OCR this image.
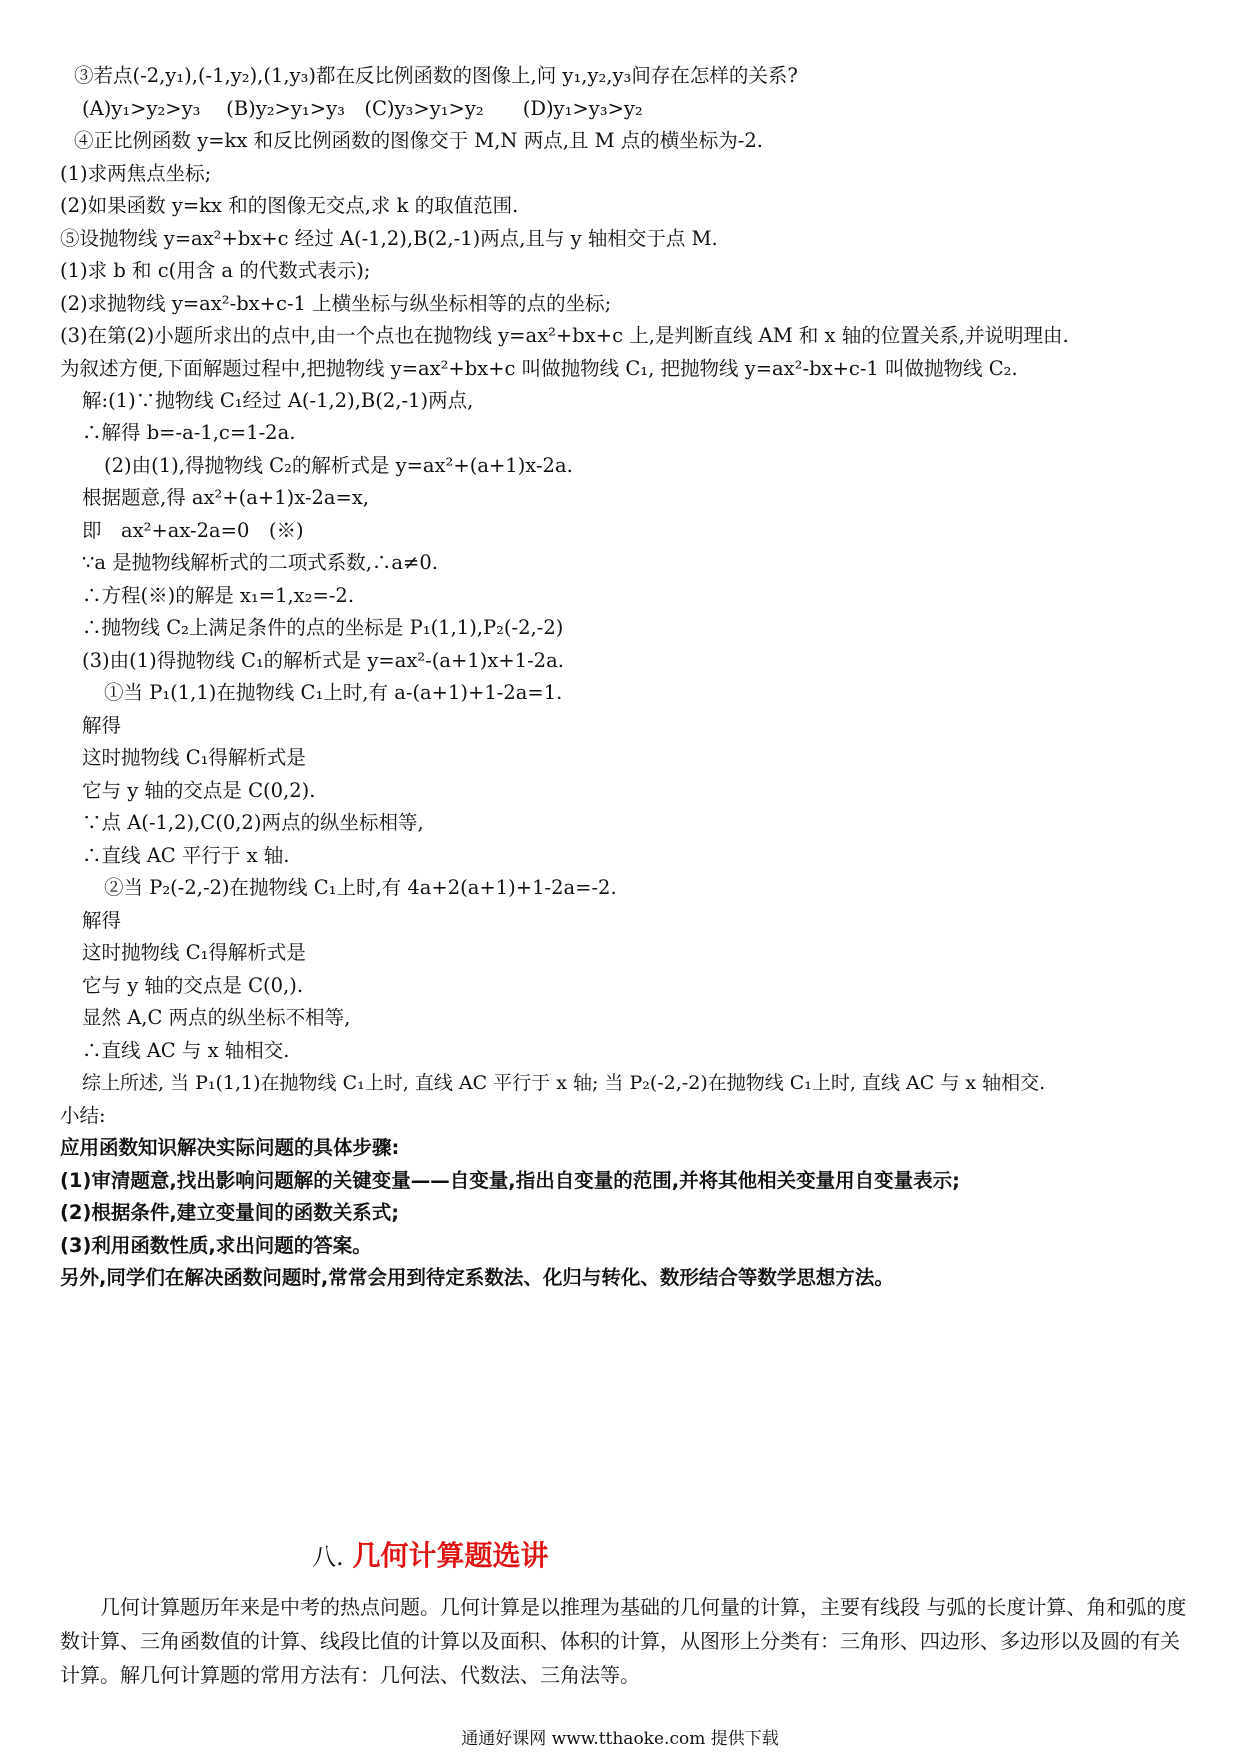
③若点(-2,y₁),(-1,y₂),(1,y₃)都在反比例函数的图像上,问 y₁,y₂,y₃间存在怎样的关系?
(A)y₁>y₂>y₃　 (B)y₂>y₁>y₃　(C)y₃>y₁>y₂　　(D)y₁>y₃>y₂
④正比例函数 y=kx 和反比例函数的图像交于 M,N 两点,且 M 点的横坐标为-2.
(1)求两焦点坐标;
(2)如果函数 y=kx 和的图像无交点,求 k 的取值范围.
⑤设抛物线 y=ax²+bx+c 经过 A(-1,2),B(2,-1)两点,且与 y 轴相交于点 M.
(1)求 b 和 c(用含 a 的代数式表示);
(2)求抛物线 y=ax²-bx+c-1 上横坐标与纵坐标相等的点的坐标;
(3)在第(2)小题所求出的点中,由一个点也在抛物线 y=ax²+bx+c 上,是判断直线 AM 和 x 轴的位置关系,并说明理由.
为叙述方便,下面解题过程中,把抛物线 y=ax²+bx+c 叫做抛物线 C₁, 把抛物线 y=ax²-bx+c-1 叫做抛物线 C₂.
解:(1)∵抛物线 C₁经过 A(-1,2),B(2,-1)两点,
∴解得 b=-a-1,c=1-2a.
(2)由(1),得抛物线 C₂的解析式是 y=ax²+(a+1)x-2a.
根据题意,得 ax²+(a+1)x-2a=x,
即　ax²+ax-2a=0　(※)
∵a 是抛物线解析式的二项式系数,∴a≠0.
∴方程(※)的解是 x₁=1,x₂=-2.
∴抛物线 C₂上满足条件的点的坐标是 P₁(1,1),P₂(-2,-2)
(3)由(1)得抛物线 C₁的解析式是 y=ax²-(a+1)x+1-2a.
①当 P₁(1,1)在抛物线 C₁上时,有 a-(a+1)+1-2a=1.
解得
这时抛物线 C₁得解析式是
它与 y 轴的交点是 C(0,2).
∵点 A(-1,2),C(0,2)两点的纵坐标相等,
∴直线 AC 平行于 x 轴.
②当 P₂(-2,-2)在抛物线 C₁上时,有 4a+2(a+1)+1-2a=-2.
解得
这时抛物线 C₁得解析式是
它与 y 轴的交点是 C(0,).
显然 A,C 两点的纵坐标不相等,
∴直线 AC 与 x 轴相交.
综上所述, 当 P₁(1,1)在抛物线 C₁上时, 直线 AC 平行于 x 轴; 当 P₂(-2,-2)在抛物线 C₁上时, 直线 AC 与 x 轴相交.
小结:
应用函数知识解决实际问题的具体步骤:
(1)审清题意,找出影响问题解的关键变量——自变量,指出自变量的范围,并将其他相关变量用自变量表示;
(2)根据条件,建立变量间的函数关系式;
(3)利用函数性质,求出问题的答案。
另外,同学们在解决函数问题时,常常会用到待定系数法、化归与转化、数形结合等数学思想方法。
八. 几何计算题选讲
几何计算题历年来是中考的热点问题。几何计算是以推理为基础的几何量的计算，主要有线段 与弧的长度计算、角和弧的度数计算、三角函数值的计算、线段比值的计算以及面积、体积的计算，从图形上分类有：三角形、四边形、多边形以及圆的有关计算。解几何计算题的常用方法有：几何法、代数法、三角法等。
通通好课网 www.tthaoke.com 提供下载
